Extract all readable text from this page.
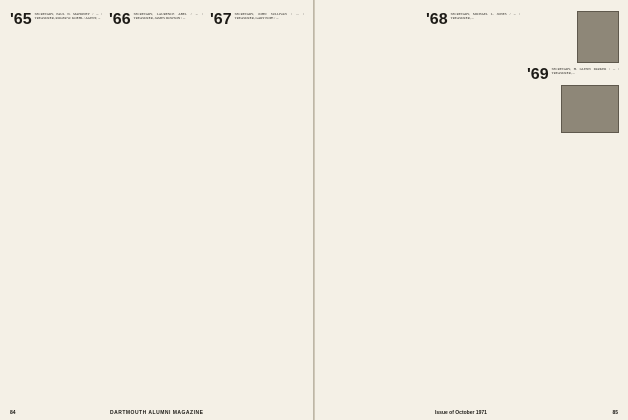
'65 SECRETARY, PAUL N. MAHONEY / ... / TREASURER, ROGER W. KOEHL / AGENT, ... '66 SECRETARY, LAURENCE ABEL / ... / TREASURER, JAMES DOWSON / ...	'67 SECRETARY, JOHN SULLIVAN / ... / TREASURER, GARY POPE / ...
84	DARTMOUTH ALUMNI MAGAZINE
'68 SECRETARY, MICHAEL L. JONES / ... / TREASURER, ...
'69 SECRETARY, H. GLENN PARKER / ... / TREASURER, ...
Issue of October 1971	85
